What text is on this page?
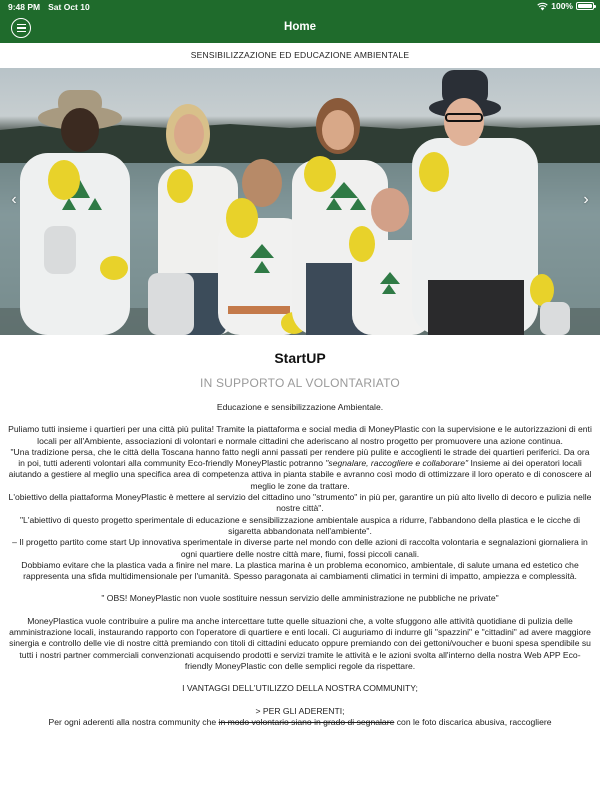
9:48 PM Sat Oct 10	100%
Home
SENSIBILIZZAZIONE ED EDUCAZIONE AMBIENTALE
‹	›
StartUP
IN SUPPORTO AL VOLONTARIATO

Educazione e sensibilizzazione Ambientale.

Puliamo tutti insieme i quartieri per una città più pulita! Tramite la piattaforma e social media di MoneyPlastic con la supervisione e le autorizzazioni di enti locali per all'Ambiente, associazioni di volontari e normale cittadini che aderiscano al nostro progetto per promuovere una azione continua.

"Una tradizione persa, che le città della Toscana hanno fatto negli anni passati per rendere più pulite e accoglienti le strade dei quartieri periferici. Da ora in poi, tutti aderenti volontari alla community Eco-friendly MoneyPlastic potranno "segnalare, raccogliere e collaborare" Insieme ai dei operatori locali aiutando a gestiere al meglio una specifica area di competenza attiva in pianta stabile e avranno così modo di ottimizzare il loro operato e di conoscere al meglio le zone da trattare.

L'obiettivo della piattaforma MoneyPlastic è mettere al servizio del cittadino uno "strumento" in più per, garantire un più alto livello di decoro e pulizia nelle nostre città".

"L'abiettivo di questo progetto sperimentale di educazione e sensibilizzazione ambientale auspica a ridurre, l'abbandono della plastica e le cicche di sigaretta abbandonata nell'ambiente".

– Il progetto partito come start Up innovativa sperimentale in diverse parte nel mondo con delle azioni di raccolta volontaria e segnalazioni giornaliera in ogni quartiere delle nostre città mare, fiumi, fossi piccoli canali.

Dobbiamo evitare che la plastica vada a finire nel mare. La plastica marina è un problema economico, ambientale, di salute umana ed estetico che rappresenta una sfida multidimensionale per l'umanità. Spesso paragonata ai cambiamenti climatici in termini di impatto, ampiezza e complessità.

" OBS! MoneyPlastic non vuole sostituire nessun servizio delle amministrazione ne pubbliche ne private"

MoneyPlastica vuole contribuire a pulire ma anche intercettare tutte quelle situazioni che, a volte sfuggono alle attività quotidiane di pulizia delle amministrazione locali, instaurando rapporto con l'operatore di quartiere e enti locali. Ci auguriamo di indurre gli "spazzini" e "cittadini" ad avere maggiore sinergia e controllo delle vie di nostre città premiando con titoli di cittadini educato oppure premiando con dei gettoni/voucher e buoni spesa spendibile su tutti i nostri partner commerciali convenzionati acquisendo prodotti e servizi tramite le attività e le azioni svolta all'interno della nostra Web APP Eco-friendly MoneyPlastic con delle semplici regole da rispettare.

I VANTAGGI DELL'UTILIZZO DELLA NOSTRA COMMUNITY;

> PER GLI ADERENTI;

Per ogni aderenti alla nostra community che in modo volontario siano in grado di segnalare con le foto discarica abusiva, raccogliere
